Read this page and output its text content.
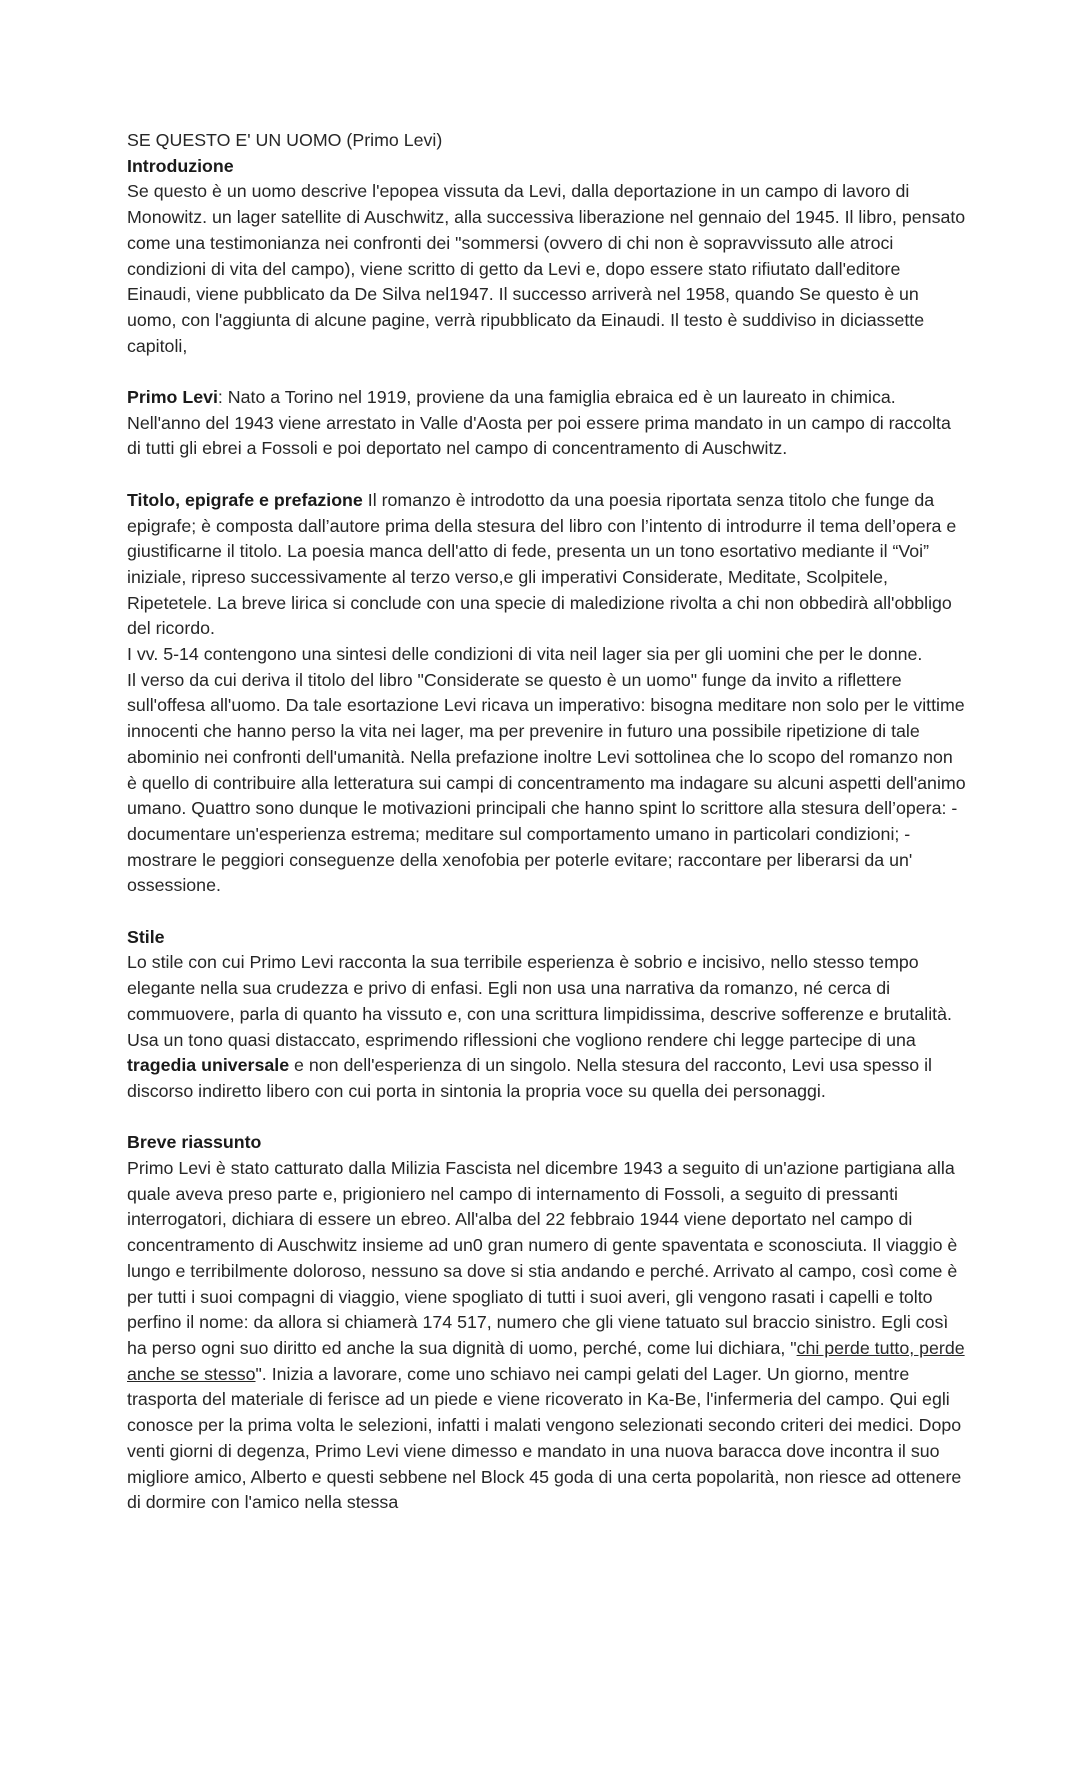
SE QUESTO E' UN UOMO (Primo Levi)

Introduzione
Se questo è un uomo descrive l'epopea vissuta da Levi, dalla deportazione in un campo di lavoro di Monowitz. un lager satellite di Auschwitz, alla successiva liberazione nel gennaio del 1945. Il libro, pensato come una testimonianza nei confronti dei "sommersi (ovvero di chi non è sopravvissuto alle atroci condizioni di vita del campo), viene scritto di getto da Levi e, dopo essere stato rifiutato dall'editore Einaudi, viene pubblicato da De Silva nel1947. Il successo arriverà nel 1958, quando Se questo è un uomo, con l'aggiunta di alcune pagine, verrà ripubblicato da Einaudi. Il testo è suddiviso in diciassette capitoli,

Primo Levi: Nato a Torino nel 1919, proviene da una famiglia ebraica ed è un laureato in chimica. Nell'anno del 1943 viene arrestato in Valle d'Aosta per poi essere prima mandato in un campo di raccolta di tutti gli ebrei a Fossoli e poi deportato nel campo di concentramento di Auschwitz.

Titolo, epigrafe e prefazione Il romanzo è introdotto da una poesia riportata senza titolo che funge da epigrafe; è composta dall’autore prima della stesura del libro con l’intento di introdurre il tema dell’opera e giustificarne il titolo. La poesia manca dell'atto di fede, presenta un un tono esortativo mediante il “Voi” iniziale, ripreso successivamente al terzo verso,e gli imperativi Considerate, Meditate, Scolpitele, Ripetetele. La breve lirica si conclude con una specie di maledizione rivolta a chi non obbedirà all'obbligo del ricordo.

I vv. 5-14 contengono una sintesi delle condizioni di vita neil lager sia per gli uomini che per le donne.

Il verso da cui deriva il titolo del libro "Considerate se questo è un uomo" funge da invito a riflettere sull'offesa all'uomo. Da tale esortazione Levi ricava un imperativo: bisogna meditare non solo per le vittime innocenti che hanno perso la vita nei lager, ma per prevenire in futuro una possibile ripetizione di tale abominio nei confronti dell'umanità. Nella prefazione inoltre Levi sottolinea che lo scopo del romanzo non è quello di contribuire alla letteratura sui campi di concentramento ma indagare su alcuni aspetti dell'animo umano. Quattro sono dunque le motivazioni principali che hanno spint lo scrittore alla stesura dell’opera: -documentare un'esperienza estrema; meditare sul comportamento umano in particolari condizioni; -mostrare le peggiori conseguenze della xenofobia per poterle evitare; raccontare per liberarsi da un' ossessione.

Stile
Lo stile con cui Primo Levi racconta la sua terribile esperienza è sobrio e incisivo, nello stesso tempo elegante nella sua crudezza e privo di enfasi. Egli non usa una narrativa da romanzo, né cerca di commuovere, parla di quanto ha vissuto e, con una scrittura limpidissima, descrive sofferenze e brutalità. Usa un tono quasi distaccato, esprimendo riflessioni che vogliono rendere chi legge partecipe di una tragedia universale e non dell'esperienza di un singolo. Nella stesura del racconto, Levi usa spesso il discorso indiretto libero con cui porta in sintonia la propria voce su quella dei personaggi.

Breve riassunto
Primo Levi è stato catturato dalla Milizia Fascista nel dicembre 1943 a seguito di un'azione partigiana alla quale aveva preso parte e, prigioniero nel campo di internamento di Fossoli, a seguito di pressanti interrogatori, dichiara di essere un ebreo. All'alba del 22 febbraio 1944 viene deportato nel campo di concentramento di Auschwitz insieme ad un0 gran numero di gente spaventata e sconosciuta. Il viaggio è lungo e terribilmente doloroso, nessuno sa dove si stia andando e perché. Arrivato al campo, così come è per tutti i suoi compagni di viaggio, viene spogliato di tutti i suoi averi, gli vengono rasati i capelli e tolto perfino il nome: da allora si chiamerà 174 517, numero che gli viene tatuato sul braccio sinistro. Egli così ha perso ogni suo diritto ed anche la sua dignità di uomo, perché, come lui dichiara, "chi perde tutto, perde anche se stesso". Inizia a lavorare, come uno schiavo nei campi gelati del Lager. Un giorno, mentre trasporta del materiale di ferisce ad un piede e viene ricoverato in Ka-Be, l'infermeria del campo. Qui egli conosce per la prima volta le selezioni, infatti i malati vengono selezionati secondo criteri dei medici. Dopo venti giorni di degenza, Primo Levi viene dimesso e mandato in una nuova baracca dove incontra il suo migliore amico, Alberto e questi sebbene nel Block 45 goda di una certa popolarità, non riesce ad ottenere di dormire con l'amico nella stessa
